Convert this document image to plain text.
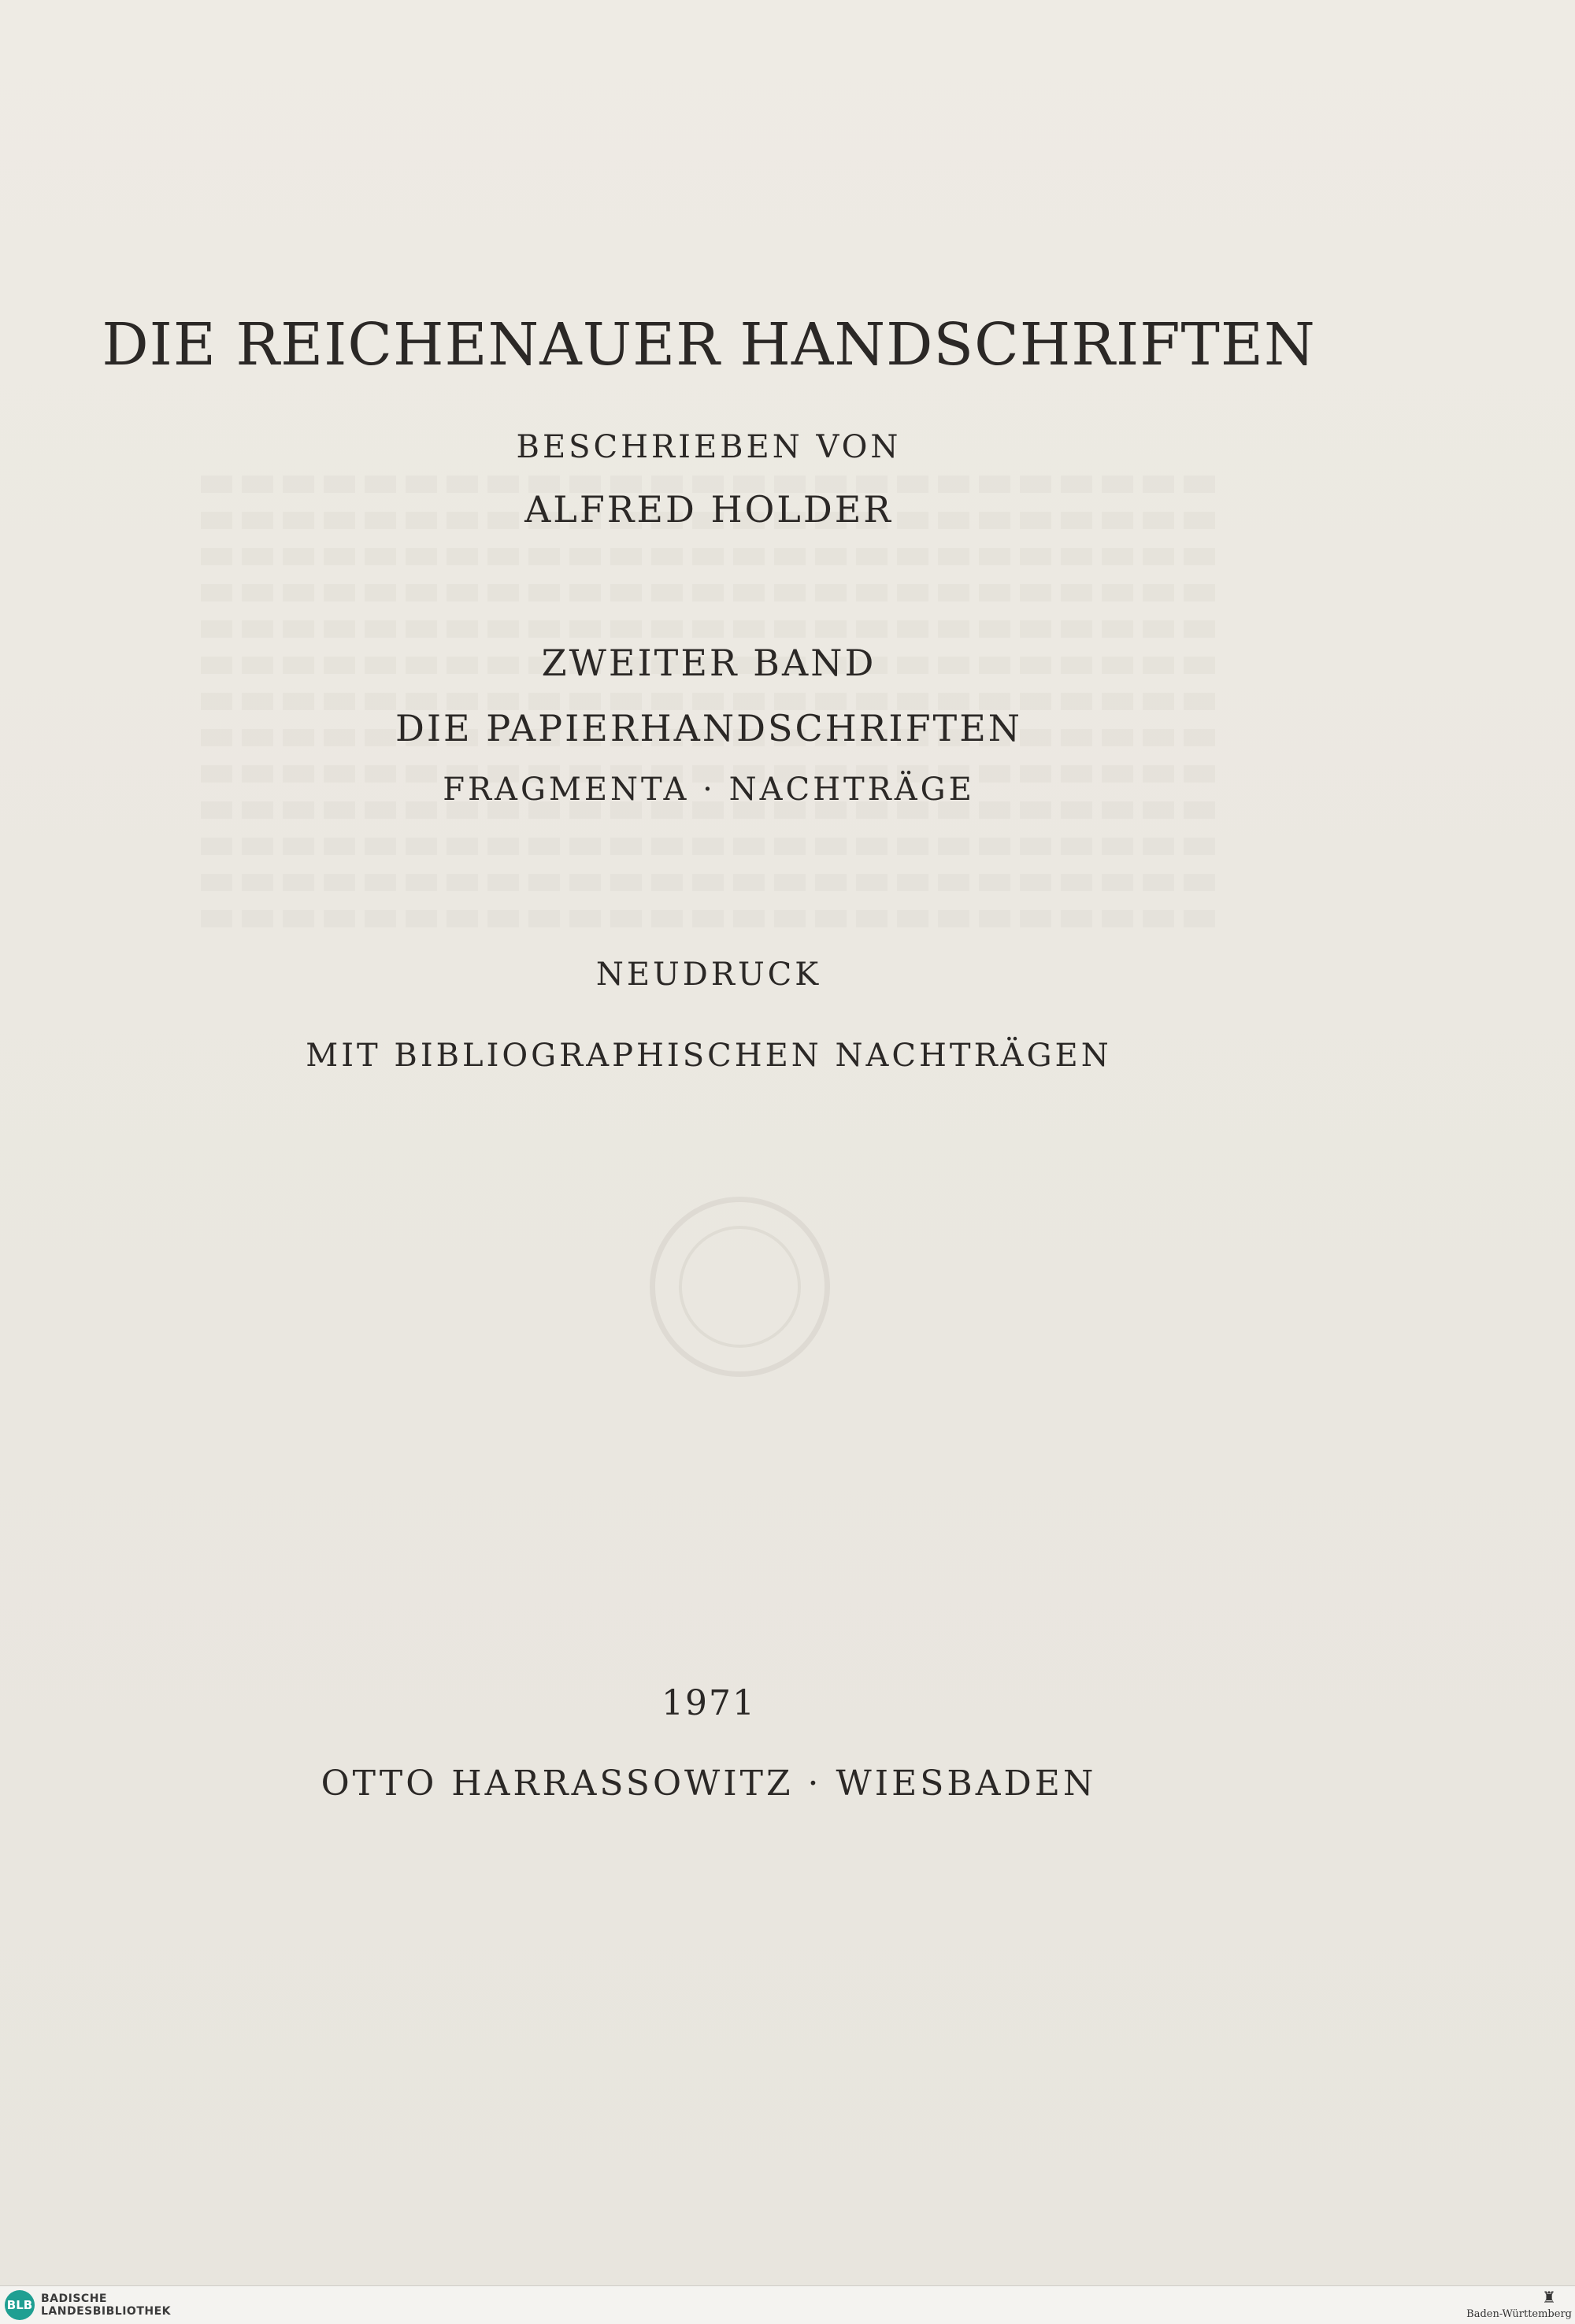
DIE REICHENAUER HANDSCHRIFTEN
BESCHRIEBEN VON
ALFRED HOLDER
ZWEITER BAND
DIE PAPIERHANDSCHRIFTEN
FRAGMENTA · NACHTRÄGE
NEUDRUCK
MIT BIBLIOGRAPHISCHEN NACHTRÄGEN
1971
OTTO HARRASSOWITZ · WIESBADEN
BLB BADISCHE
LANDESBIBLIOTHEK
♜
Baden-Württemberg
